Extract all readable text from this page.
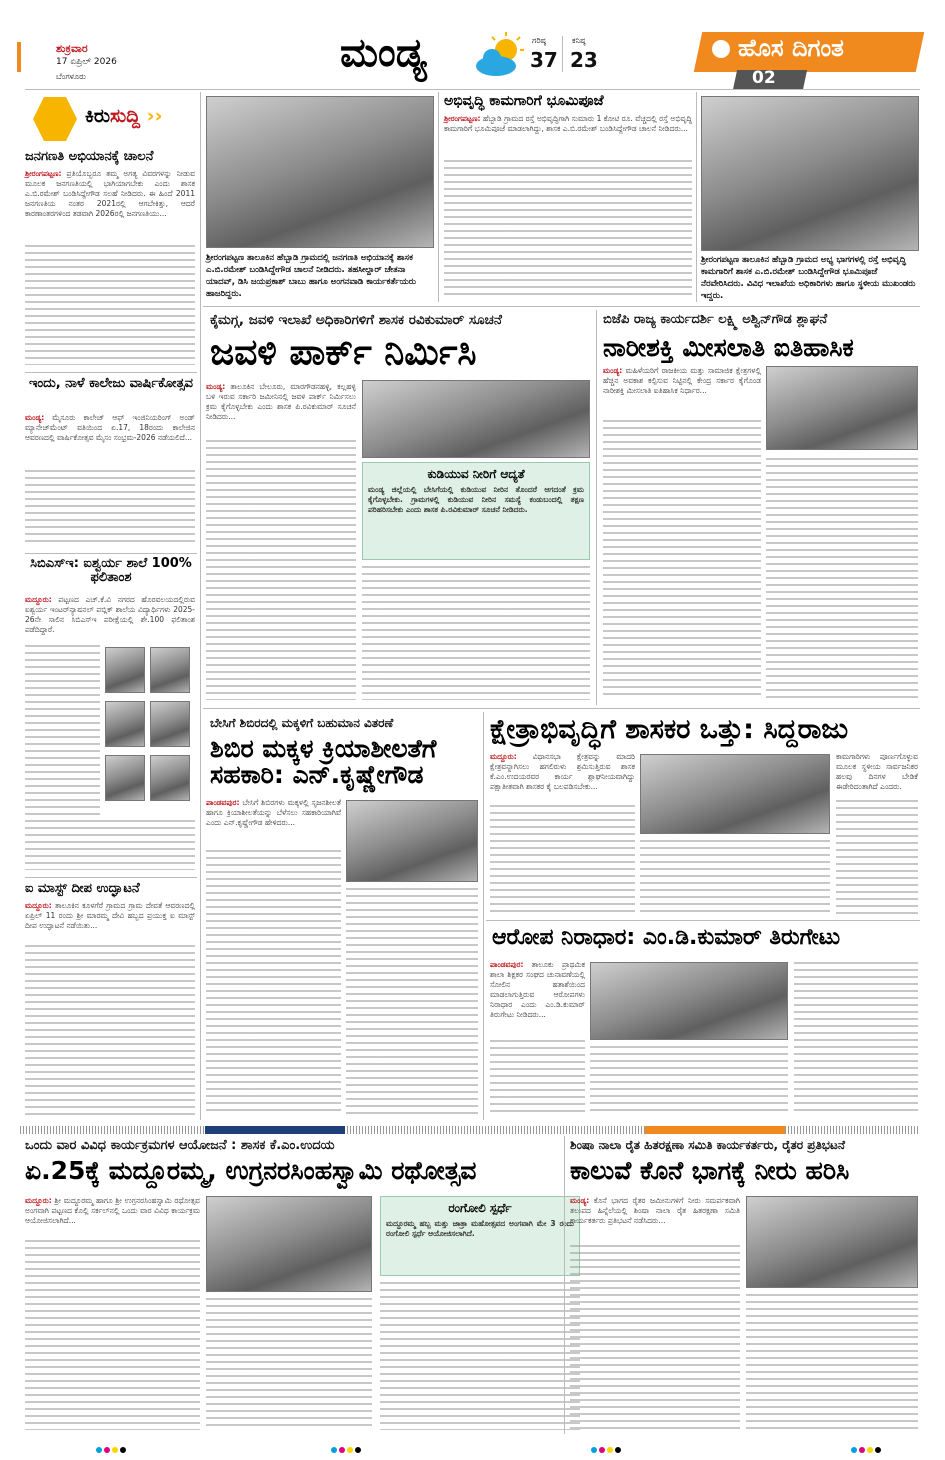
ಶುಕ್ರವಾರ
17 ಏಪ್ರಿಲ್ 2026
ಬೆಂಗಳೂರು
ಮಂಡ್ಯ	ಗರಿಷ್ಠ
37
ಕನಿಷ್ಠ
23	ಹೊಸ ದಿಗಂತ
02
ಕಿರುಸುದ್ದಿ ››
ಜನಗಣತಿ ಅಭಿಯಾನಕ್ಕೆ ಚಾಲನೆ
ಶ್ರೀರಂಗಪಟ್ಟಣ: ಪ್ರತಿಯೊಬ್ಬರೂ ತಮ್ಮ ಅಗತ್ಯ ವಿವರಗಳನ್ನು ನೀಡುವ ಮೂಲಕ ಜನಗಣತಿಯಲ್ಲಿ ಭಾಗಿಯಾಗಬೇಕು ಎಂದು ಶಾಸಕ ಎ.ಬಿ.ರಮೇಶ್ ಬಂಡಿಸಿದ್ದೇಗೌಡ ಸಲಹೆ ನೀಡಿದರು. ಈ ಹಿಂದೆ 2011 ಜನಗಣತಿಯ ನಂತರ 2021ರಲ್ಲಿ ಆಗಬೇಕಿತ್ತು, ಆದರೆ ಕಾರಣಾಂತರಗಳಿಂದ ತಡವಾಗಿ 2026ರಲ್ಲಿ ಜನಗಣತಿಯು...
ಇಂದು, ನಾಳೆ ಕಾಲೇಜು ವಾರ್ಷಿಕೋತ್ಸವ
ಮಂಡ್ಯ: ಮೈಸೂರು ಕಾಲೇಜ್ ಆಫ್ ಇಂಜಿನಿಯರಿಂಗ್ ಅಂಡ್ ಮ್ಯಾನೇಜ್‌ಮೆಂಟ್ ವತಿಯಿಂದ ಏ.17, 18ರಂದು ಕಾಲೇಜಿನ ಆವರಣದಲ್ಲಿ ವಾರ್ಷಿಕೋತ್ಸವ ಮೈಸಂ ಸಂಭ್ರಮ-2026 ನಡೆಯಲಿದೆ...
ಸಿಬಿಎಸ್ಇ: ಐಶ್ವರ್ಯ ಶಾಲೆ 100% ಫಲಿತಾಂಶ
ಮದ್ದೂರು: ಪಟ್ಟಣದ ಎಚ್.ಕೆ.ವಿ ನಗರದ ಹೊರವಲಯದಲ್ಲಿರುವ ಐಶ್ವರ್ಯ ಇಂಟರ್‌ನ್ಯಾಷನಲ್ ಪಬ್ಲಿಕ್ ಶಾಲೆಯ ವಿದ್ಯಾರ್ಥಿಗಳು 2025-26ನೇ ಸಾಲಿನ ಸಿಬಿಎಸ್ಇ ಪರೀಕ್ಷೆಯಲ್ಲಿ ಶೇ.100 ಫಲಿತಾಂಶ ಪಡೆದಿದ್ದಾರೆ.
ಐ ಮಾಸ್ಟ್ ದೀಪ ಉದ್ಘಾಟನೆ
ಮದ್ದೂರು: ತಾಲೂಕಿನ ಕೂಳಗೆರೆ ಗ್ರಾಮದ ಗ್ರಾಮ ದೇವತೆ ಆವರಣದಲ್ಲಿ ಏಪ್ರಿಲ್ 11 ರಂದು ಶ್ರೀ ಮಾರಮ್ಮ ದೇವಿ ಹಬ್ಬದ ಪ್ರಯುಕ್ತ ಐ ಮಾಸ್ಟ್ ದೀಪ ಉದ್ಘಾಟನೆ ನಡೆಯಿತು...
ಶ್ರೀರಂಗಪಟ್ಟಣ ತಾಲೂಕಿನ ಹೆಬ್ಬಾಡಿ ಗ್ರಾಮದಲ್ಲಿ ಜನಗಣತಿ ಅಭಿಯಾನಕ್ಕೆ ಶಾಸಕ ಎ.ಬಿ.ರಮೇಶ್ ಬಂಡಿಸಿದ್ದೇಗೌಡ ಚಾಲನೆ ನೀಡಿದರು. ತಹಸೀಲ್ದಾರ್ ಚೇತನಾ ಯಾದವ್, ಡಿಸಿ ಜಯಪ್ರಕಾಶ್ ಬಾಬು ಹಾಗೂ ಅಂಗನವಾಡಿ ಕಾರ್ಯಕರ್ತೆಯರು ಹಾಜರಿದ್ದರು.
ಅಭಿವೃದ್ಧಿ ಕಾಮಗಾರಿಗೆ ಭೂಮಿಪೂಜೆ
ಶ್ರೀರಂಗಪಟ್ಟಣ: ಹೆಬ್ಬಾಡಿ ಗ್ರಾಮದ ರಸ್ತೆ ಅಭಿವೃದ್ಧಿಗಾಗಿ ಸುಮಾರು 1 ಕೋಟಿ ರೂ. ವೆಚ್ಚದಲ್ಲಿ ರಸ್ತೆ ಅಭಿವೃದ್ಧಿ ಕಾಮಗಾರಿಗೆ ಭೂಮಿಪೂಜೆ ಮಾಡಲಾಗಿದ್ದು, ಶಾಸಕ ಎ.ಬಿ.ರಮೇಶ್ ಬಂಡಿಸಿದ್ದೇಗೌಡ ಚಾಲನೆ ನೀಡಿದರು...
ಶ್ರೀರಂಗಪಟ್ಟಣ ತಾಲೂಕಿನ ಹೆಬ್ಬಾಡಿ ಗ್ರಾಮದ ಅಭ್ಯ ಭಾಗಗಳಲ್ಲಿ ರಸ್ತೆ ಅಭಿವೃದ್ಧಿ ಕಾಮಗಾರಿಗೆ ಶಾಸಕ ಎ.ಬಿ.ರಮೇಶ್ ಬಂಡಿಸಿದ್ದೇಗೌಡ ಭೂಮಿಪೂಜೆ ನೆರವೇರಿಸಿದರು. ವಿವಿಧ ಇಲಾಖೆಯ ಅಧಿಕಾರಿಗಳು ಹಾಗೂ ಸ್ಥಳೀಯ ಮುಖಂಡರು ಇದ್ದರು.
ಕೈಮಗ್ಗ, ಜವಳಿ ಇಲಾಖೆ ಅಧಿಕಾರಿಗಳಿಗೆ ಶಾಸಕ ರವಿಕುಮಾರ್ ಸೂಚನೆ
ಜವಳಿ ಪಾರ್ಕ್ ನಿರ್ಮಿಸಿ
ಮಂಡ್ಯ: ತಾಲೂಕಿನ ಬೇಲೂರು, ಮಾರಗೌಡನಹಳ್ಳಿ, ಕಲ್ಲಹಳ್ಳಿ ಬಳಿ ಇರುವ ಸರ್ಕಾರಿ ಜಮೀನಿನಲ್ಲಿ ಜವಳಿ ಪಾರ್ಕ್ ನಿರ್ಮಿಸಲು ಕ್ರಮ ಕೈಗೊಳ್ಳಬೇಕು ಎಂದು ಶಾಸಕ ಪಿ.ರವಿಕುಮಾರ್ ಸೂಚನೆ ನೀಡಿದರು...
ಕುಡಿಯುವ ನೀರಿಗೆ ಆದ್ಯತೆ
ಮಂಡ್ಯ ಜಿಲ್ಲೆಯಲ್ಲಿ ಬೇಸಿಗೆಯಲ್ಲಿ ಕುಡಿಯುವ ನೀರಿನ ತೊಂದರೆ ಆಗದಂತೆ ಕ್ರಮ ಕೈಗೊಳ್ಳಬೇಕು. ಗ್ರಾಮಗಳಲ್ಲಿ ಕುಡಿಯುವ ನೀರಿನ ಸಮಸ್ಯೆ ಕಂಡುಬಂದಲ್ಲಿ ತಕ್ಷಣ ಪರಿಹರಿಸಬೇಕು ಎಂದು ಶಾಸಕ ಪಿ.ರವಿಕುಮಾರ್ ಸೂಚನೆ ನೀಡಿದರು.
ಬಿಜೆಪಿ ರಾಜ್ಯ ಕಾರ್ಯದರ್ಶಿ ಲಕ್ಷ್ಮಿ ಅಶ್ವಿನ್‌ಗೌಡ ಶ್ಲಾಘನೆ
ನಾರೀಶಕ್ತಿ ಮೀಸಲಾತಿ ಐತಿಹಾಸಿಕ
ಮಂಡ್ಯ: ಮಹಿಳೆಯರಿಗೆ ರಾಜಕೀಯ ಮತ್ತು ಸಾಮಾಜಿಕ ಕ್ಷೇತ್ರಗಳಲ್ಲಿ ಹೆಚ್ಚಿನ ಅವಕಾಶ ಕಲ್ಪಿಸುವ ನಿಟ್ಟಿನಲ್ಲಿ ಕೇಂದ್ರ ಸರ್ಕಾರ ಕೈಗೊಂಡ ನಾರೀಶಕ್ತಿ ಮೀಸಲಾತಿ ಐತಿಹಾಸಿಕ ನಿರ್ಧಾರ...
ಬೇಸಿಗೆ ಶಿಬಿರದಲ್ಲಿ ಮಕ್ಕಳಿಗೆ ಬಹುಮಾನ ವಿತರಣೆ
ಶಿಬಿರ ಮಕ್ಕಳ ಕ್ರಿಯಾಶೀಲತೆಗೆ ಸಹಕಾರಿ: ಎನ್.ಕೃಷ್ಣೇಗೌಡ
ಪಾಂಡವಪುರ: ಬೇಸಿಗೆ ಶಿಬಿರಗಳು ಮಕ್ಕಳಲ್ಲಿ ಸೃಜನಶೀಲತೆ ಹಾಗೂ ಕ್ರಿಯಾಶೀಲತೆಯನ್ನು ಬೆಳೆಸಲು ಸಹಕಾರಿಯಾಗಿವೆ ಎಂದು ಎನ್.ಕೃಷ್ಣೇಗೌಡ ಹೇಳಿದರು...
ಕ್ಷೇತ್ರಾಭಿವೃದ್ಧಿಗೆ ಶಾಸಕರ ಒತ್ತು: ಸಿದ್ದರಾಜು
ಮದ್ದೂರು: ವಿಧಾನಸಭಾ ಕ್ಷೇತ್ರವನ್ನು ಮಾದರಿ ಕ್ಷೇತ್ರವನ್ನಾಗಿಸಲು ಹಗಲಿರುಳು ಶ್ರಮಿಸುತ್ತಿರುವ ಶಾಸಕ ಕೆ.ಎಂ.ಉದಯರವರ ಕಾರ್ಯ ಶ್ಲಾಘನೀಯವಾಗಿದ್ದು ಪಕ್ಷಾತೀತವಾಗಿ ಶಾಸಕರ ಕೈ ಬಲಪಡಿಸಬೇಕು...
ಕಾಮಗಾರಿಗಳು ಪೂರ್ಣಗೊಳ್ಳುವ ಮೂಲಕ ಸ್ಥಳೀಯ ಸಾರ್ವಜನಿಕರ ಹಲವು ದಿನಗಳ ಬೇಡಿಕೆ ಈಡೇರಿದಂತಾಗಿದೆ ಎಂದರು.
ಆರೋಪ ನಿರಾಧಾರ: ಎಂ.ಡಿ.ಕುಮಾರ್ ತಿರುಗೇಟು
ಪಾಂಡವಪುರ: ತಾಲೂಕು ಪ್ರಾಥಮಿಕ ಶಾಲಾ ಶಿಕ್ಷಕರ ಸಂಘದ ಚುನಾವಣೆಯಲ್ಲಿ ಸೋಲಿನ ಹತಾಶೆಯಿಂದ ಮಾಡಲಾಗುತ್ತಿರುವ ಆರೋಪಗಳು ನಿರಾಧಾರ ಎಂದು ಎಂ.ಡಿ.ಕುಮಾರ್ ತಿರುಗೇಟು ನೀಡಿದರು...
ಒಂದು ವಾರ ವಿವಿಧ ಕಾರ್ಯಕ್ರಮಗಳ ಆಯೋಜನೆ : ಶಾಸಕ ಕೆ.ಎಂ.ಉದಯ
ಏ.25ಕ್ಕೆ ಮದ್ದೂರಮ್ಮ, ಉಗ್ರನರಸಿಂಹಸ್ವಾಮಿ ರಥೋತ್ಸವ
ಮದ್ದೂರು: ಶ್ರೀ ಮದ್ದೂರಮ್ಮ ಹಾಗೂ ಶ್ರೀ ಉಗ್ರನರಸಿಂಹಸ್ವಾಮಿ ರಥೋತ್ಸವ ಅಂಗವಾಗಿ ಪಟ್ಟಣದ ಕೊಲ್ಲಿ ಸರ್ಕಲ್‌ನಲ್ಲಿ ಒಂದು ವಾರ ವಿವಿಧ ಕಾರ್ಯಕ್ರಮ ಆಯೋಜಿಸಲಾಗಿದೆ...
ರಂಗೋಲಿ ಸ್ಪರ್ಧೆ
ಮದ್ದೂರಮ್ಮ ಹಬ್ಬ ಮತ್ತು ಜಾತ್ರಾ ಮಹೋತ್ಸವದ ಅಂಗವಾಗಿ ಮೇ 3 ರಂದು ರಂಗೋಲಿ ಸ್ಪರ್ಧೆ ಆಯೋಜಿಸಲಾಗಿದೆ.
ಶಿಂಷಾ ನಾಲಾ ರೈತ ಹಿತರಕ್ಷಣಾ ಸಮಿತಿ ಕಾರ್ಯಕರ್ತರು, ರೈತರ ಪ್ರತಿಭಟನೆ
ಕಾಲುವೆ ಕೊನೆ ಭಾಗಕ್ಕೆ ನೀರು ಹರಿಸಿ
ಮಂಡ್ಯ: ಕೊನೆ ಭಾಗದ ರೈತರ ಜಮೀನುಗಳಿಗೆ ನೀರು ಸಮರ್ಪಕವಾಗಿ ತಲುಪದ ಹಿನ್ನೆಲೆಯಲ್ಲಿ ಶಿಂಷಾ ನಾಲಾ ರೈತ ಹಿತರಕ್ಷಣಾ ಸಮಿತಿ ಕಾರ್ಯಕರ್ತರು ಪ್ರತಿಭಟನೆ ನಡೆಸಿದರು...
